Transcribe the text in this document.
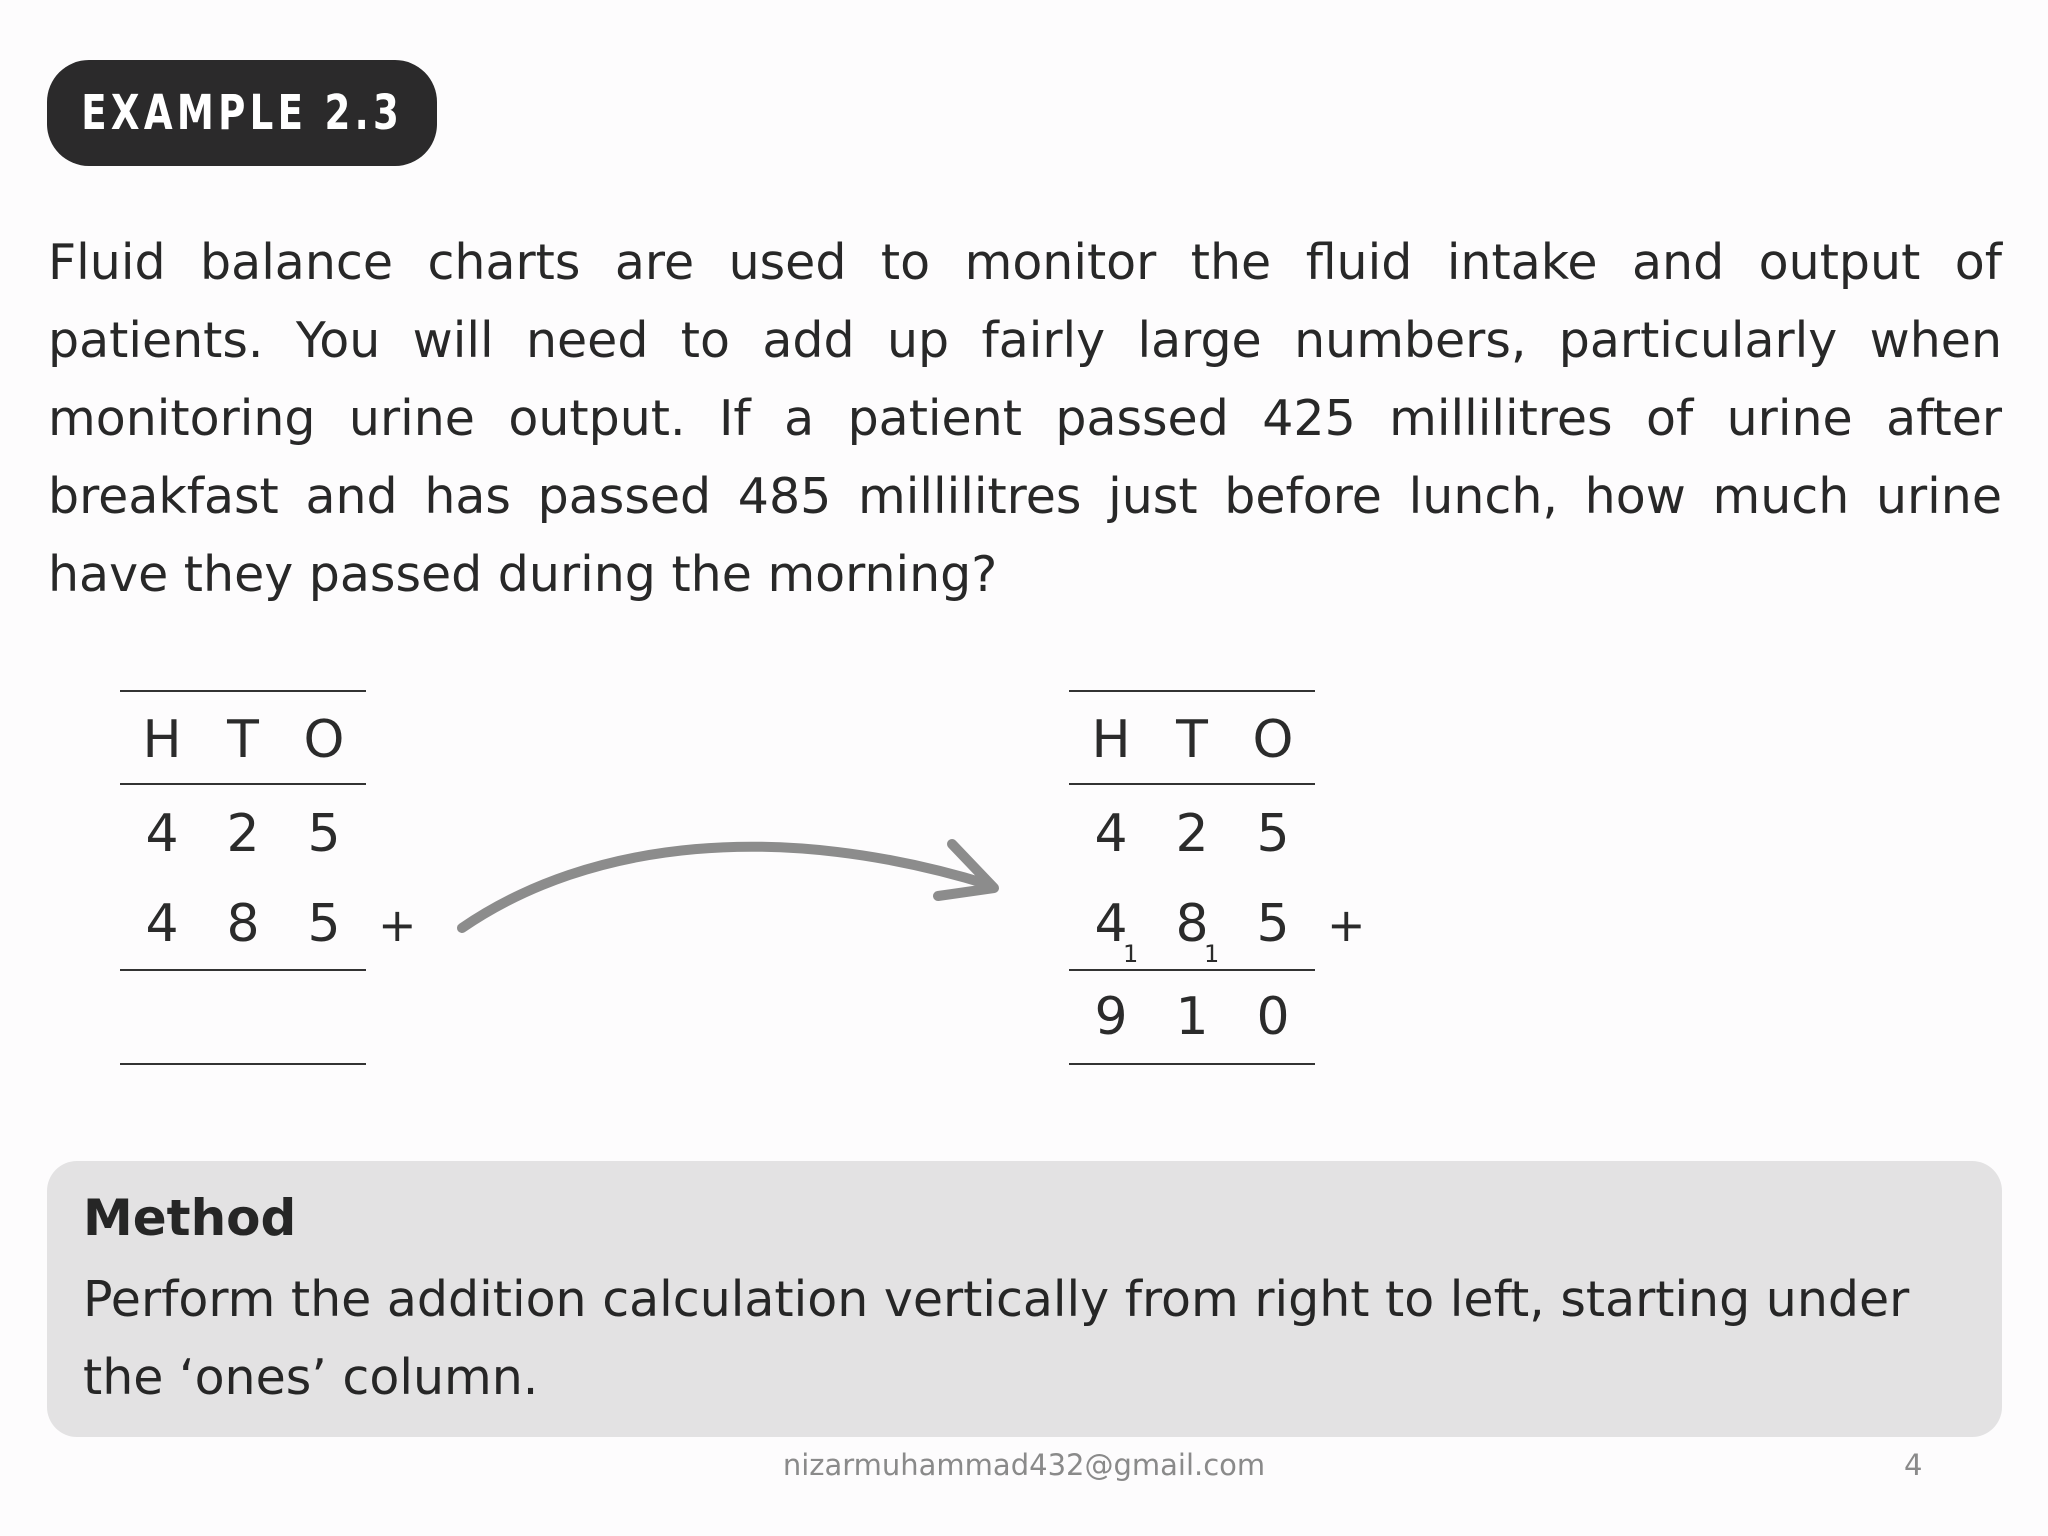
EXAMPLE 2.3

Fluid balance charts are used to monitor the fluid intake and output of patients. You will need to add up fairly large numbers, particularly when monitoring urine output. If a patient passed 425 millilitres of urine after breakfast and has passed 485 millilitres just before lunch, how much urine have they passed during the morning?

H T O
4 2 5
4 8 5 +
H T O
4 2 5
4
1 8
1 5 +
9 1 0
Method

Perform the addition calculation vertically from right to left, starting under the ‘ones’ column.

nizarmuhammad432@gmail.com	4
